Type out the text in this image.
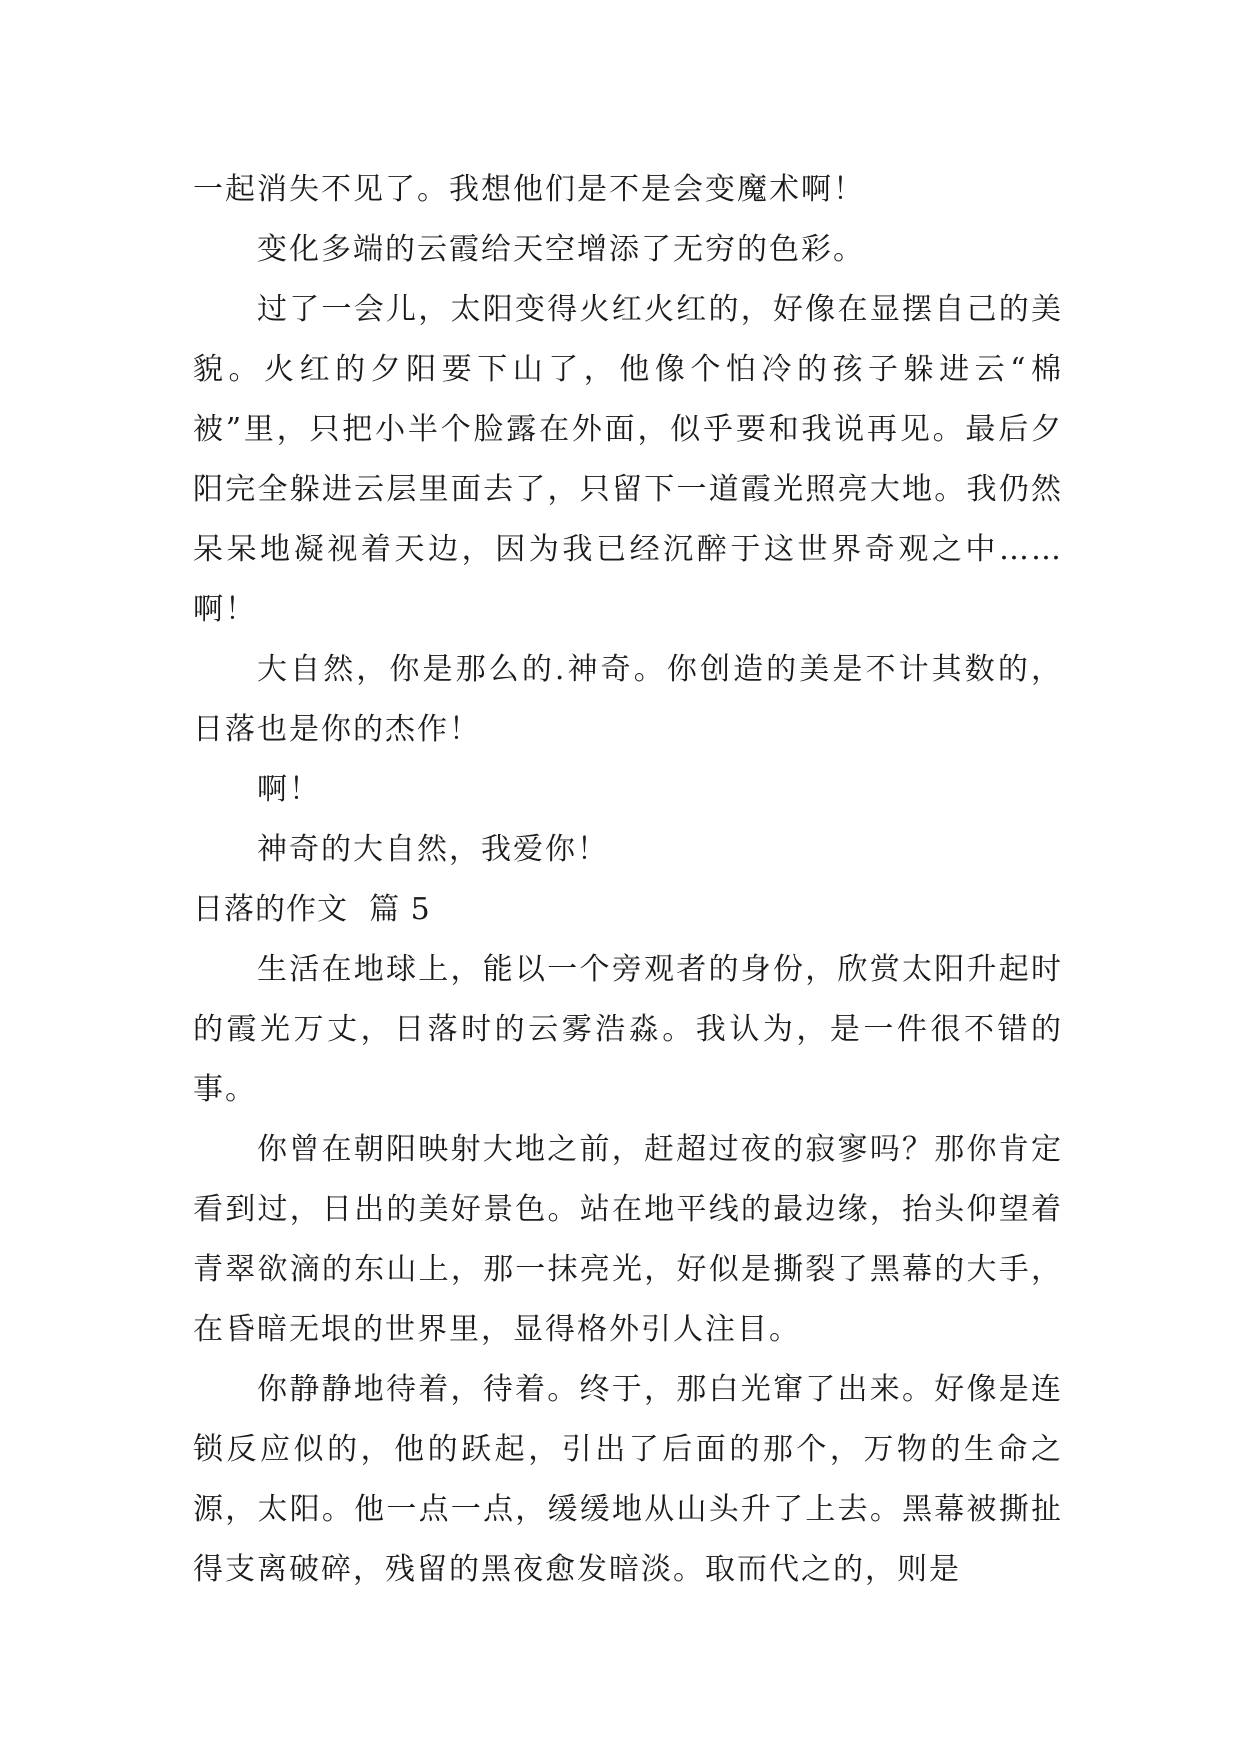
一起消失不见了。我想他们是不是会变魔术啊！

变化多端的云霞给天空增添了无穷的色彩。

过了一会儿，太阳变得火红火红的，好像在显摆自己的美貌。火红的夕阳要下山了，他像个怕冷的孩子躲进云“棉被”里，只把小半个脸露在外面，似乎要和我说再见。最后夕阳完全躲进云层里面去了，只留下一道霞光照亮大地。我仍然呆呆地凝视着天边，因为我已经沉醉于这世界奇观之中……啊！

大自然，你是那么的.神奇。你创造的美是不计其数的，日落也是你的杰作！

啊！

神奇的大自然，我爱你！

日落的作文  篇 5

生活在地球上，能以一个旁观者的身份，欣赏太阳升起时的霞光万丈，日落时的云雾浩淼。我认为，是一件很不错的事。

你曾在朝阳映射大地之前，赶超过夜的寂寥吗？那你肯定看到过，日出的美好景色。站在地平线的最边缘，抬头仰望着青翠欲滴的东山上，那一抹亮光，好似是撕裂了黑幕的大手，在昏暗无垠的世界里，显得格外引人注目。

你静静地待着，待着。终于，那白光窜了出来。好像是连锁反应似的，他的跃起，引出了后面的那个，万物的生命之源，太阳。他一点一点，缓缓地从山头升了上去。黑幕被撕扯得支离破碎，残留的黑夜愈发暗淡。取而代之的，则是
